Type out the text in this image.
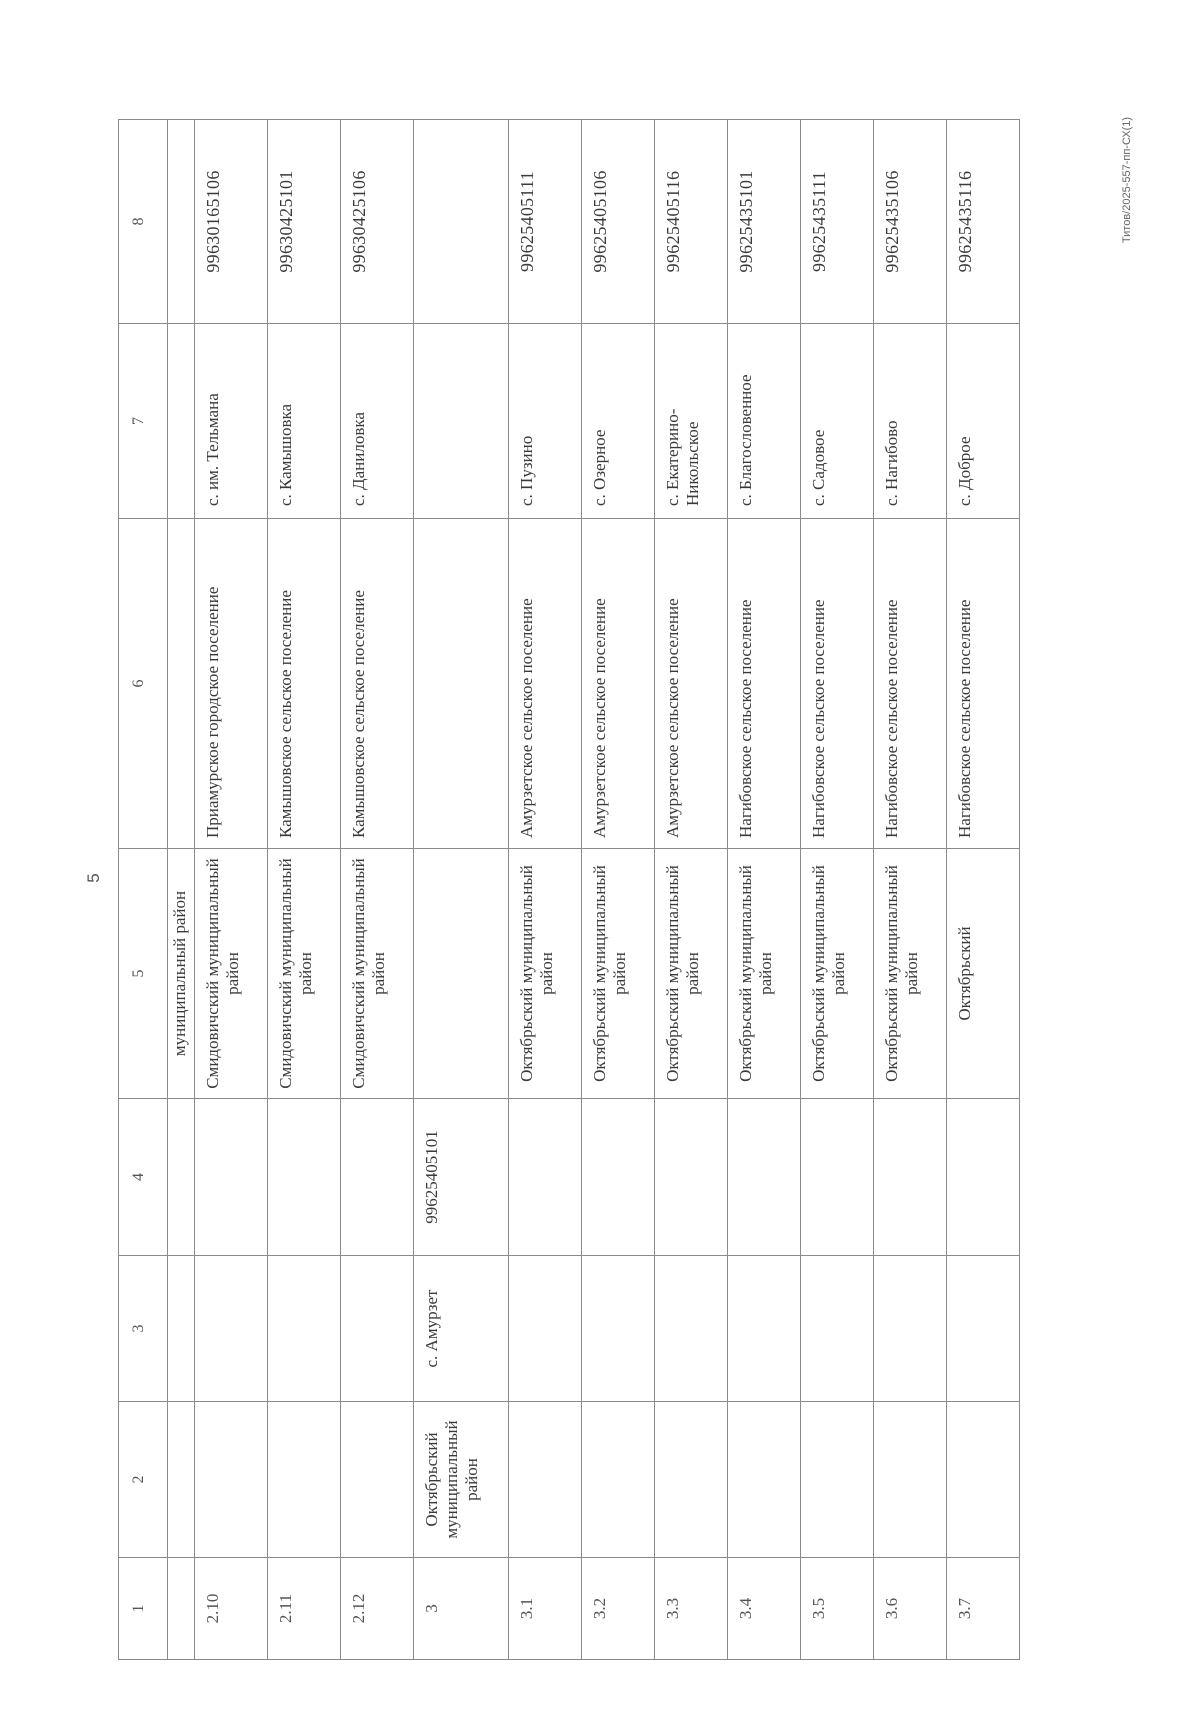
5
Титов/2025-557-пп-СХ(1)
1	2	3	4	5	6	7	8
				муниципальный район			
2.10				Смидовичский муниципальный район	Приамурское городское поселение	с. им. Тельмана	99630165106
2.11				Смидовичский муниципальный район	Камышовское сельское поселение	с. Камышовка	99630425101
2.12				Смидовичский муниципальный район	Камышовское сельское поселение	с. Даниловка	99630425106
3	Октябрьский муниципальный район	с. Амурзет	99625405101				
3.1				Октябрьский муниципальный район	Амурзетское сельское поселение	с. Пузино	99625405111
3.2				Октябрьский муниципальный район	Амурзетское сельское поселение	с. Озерное	99625405106
3.3				Октябрьский муниципальный район	Амурзетское сельское поселение	с. Екатерино-Никольское	99625405116
3.4				Октябрьский муниципальный район	Нагибовское сельское поселение	с. Благословенное	99625435101
3.5				Октябрьский муниципальный район	Нагибовское сельское поселение	с. Садовое	99625435111
3.6				Октябрьский муниципальный район	Нагибовское сельское поселение	с. Нагибово	99625435106
3.7				Октябрьский	Нагибовское сельское поселение	с. Доброе	99625435116
